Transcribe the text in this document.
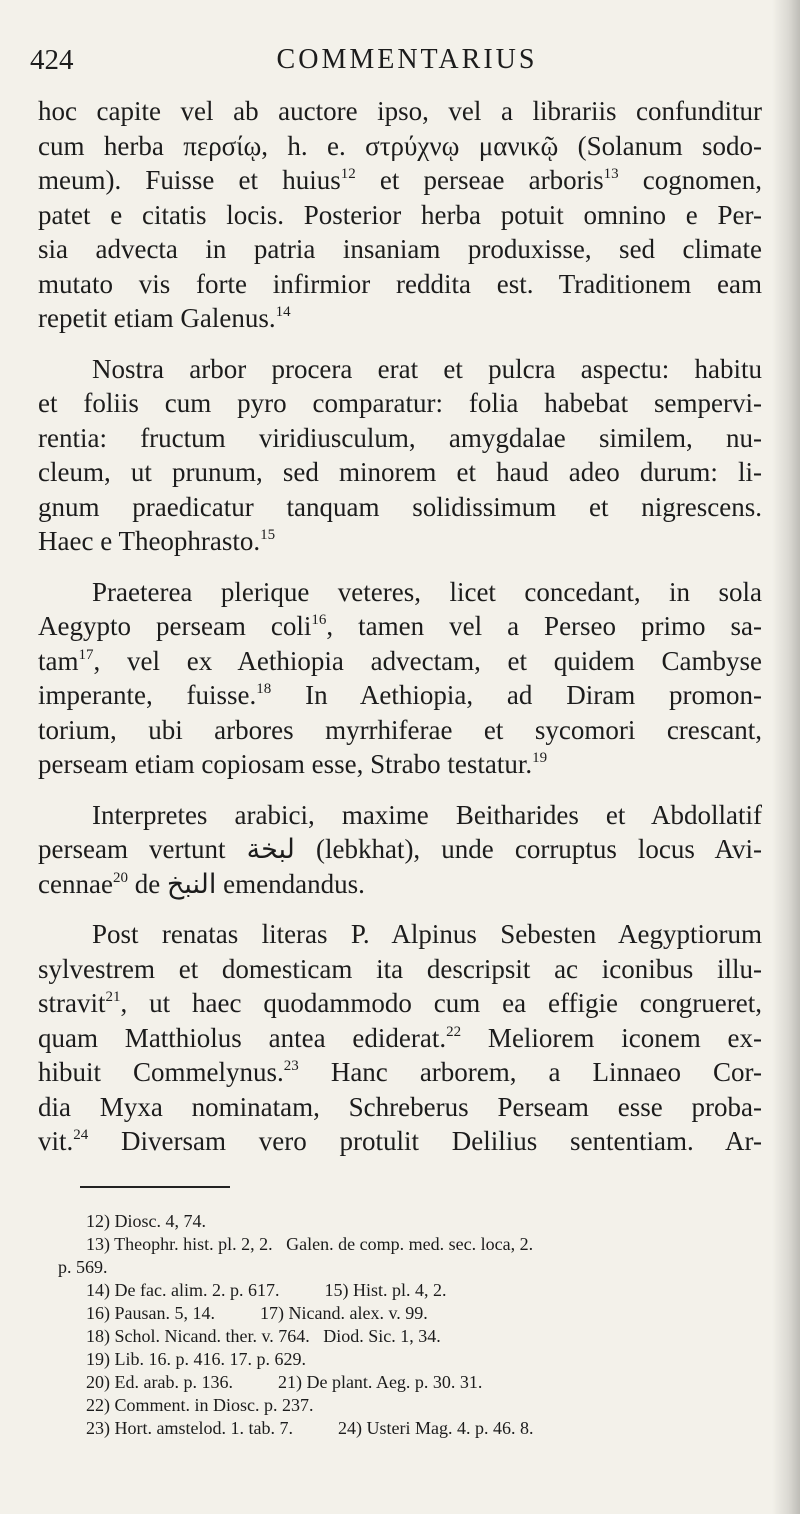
424	COMMENTARIUS
hoc capite vel ab auctore ipso, vel a librariis confunditur
cum herba περσίῳ, h. e. στρύχνῳ μανικῷ (Solanum sodo-
meum). Fuisse et huius$^{12}$ et perseae arboris$^{13}$ cognomen,
patet e citatis locis. Posterior herba potuit omnino e Per-
sia advecta in patria insaniam produxisse, sed climate
mutato vis forte infirmior reddita est. Traditionem eam
repetit etiam Galenus.$^{14}$
Nostra arbor procera erat et pulcra aspectu: habitu
et foliis cum pyro comparatur: folia habebat sempervi-
rentia: fructum viridiusculum, amygdalae similem, nu-
cleum, ut prunum, sed minorem et haud adeo durum: li-
gnum praedicatur tanquam solidissimum et nigrescens.
Haec e Theophrasto.$^{15}$
Praeterea plerique veteres, licet concedant, in sola
Aegypto perseam coli$^{16}$, tamen vel a Perseo primo sa-
tam$^{17}$, vel ex Aethiopia advectam, et quidem Cambyse
imperante, fuisse.$^{18}$ In Aethiopia, ad Diram promon-
torium, ubi arbores myrrhiferae et sycomori crescant,
perseam etiam copiosam esse, Strabo testatur.$^{19}$
Interpretes arabici, maxime Beitharides et Abdollatif
perseam vertunt لبخة (lebkhat), unde corruptus locus Avi-
cennae$^{20}$ de النبخ emendandus.
Post renatas literas P. Alpinus Sebesten Aegyptiorum
sylvestrem et domesticam ita descripsit ac iconibus illu-
stravit$^{21}$, ut haec quodammodo cum ea effigie congrueret,
quam Matthiolus antea ediderat.$^{22}$ Meliorem iconem ex-
hibuit Commelynus.$^{23}$ Hanc arborem, a Linnaeo Cor-
dia Myxa nominatam, Schreberus Perseam esse proba-
vit.$^{24}$ Diversam vero protulit Delilius sententiam. Ar-
12) Diosc. 4, 74.
13) Theophr. hist. pl. 2, 2.   Galen. de comp. med. sec. loca, 2.
p. 569.
14) De fac. alim. 2. p. 617.          15) Hist. pl. 4, 2.
16) Pausan. 5, 14.          17) Nicand. alex. v. 99.
18) Schol. Nicand. ther. v. 764.   Diod. Sic. 1, 34.
19) Lib. 16. p. 416. 17. p. 629.
20) Ed. arab. p. 136.          21) De plant. Aeg. p. 30. 31.
22) Comment. in Diosc. p. 237.
23) Hort. amstelod. 1. tab. 7.          24) Usteri Mag. 4. p. 46. 8.
